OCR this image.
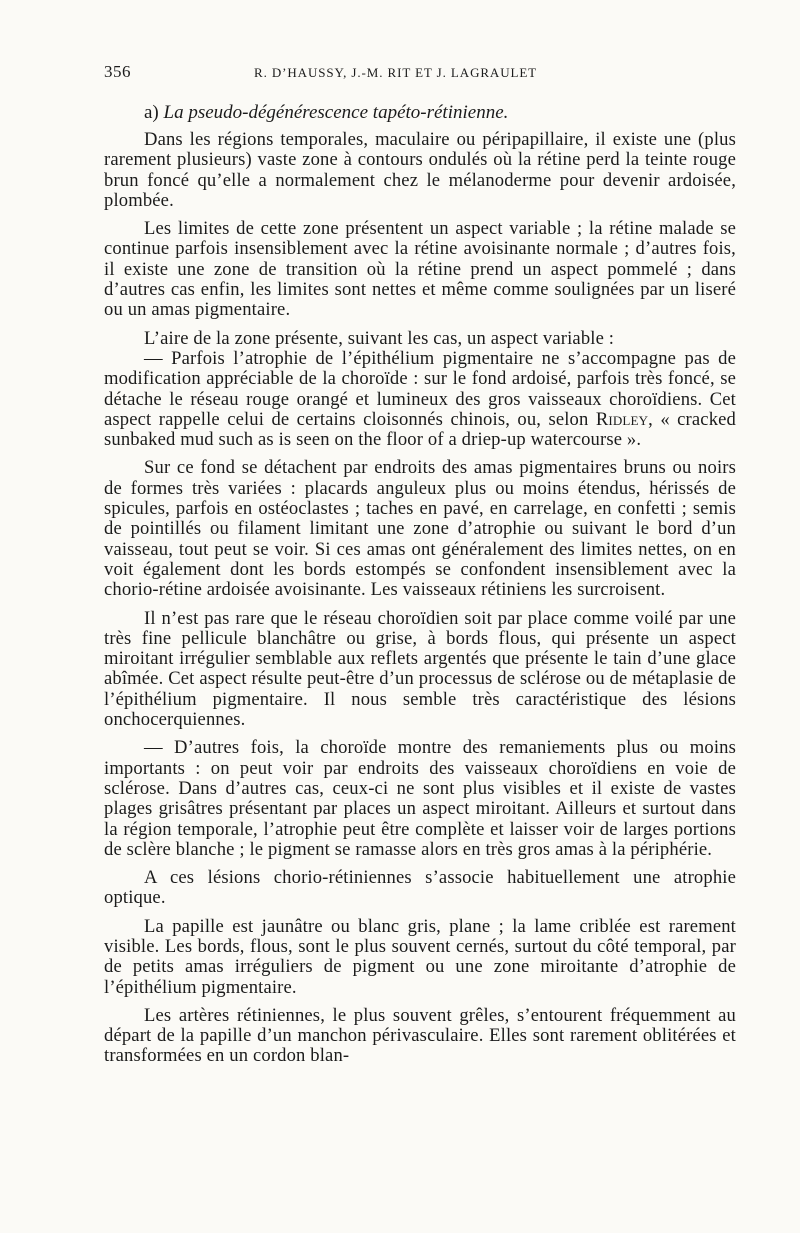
356	R. D’HAUSSY, J.-M. RIT ET J. LAGRAULET
a) La pseudo-dégénérescence tapéto-rétinienne.

Dans les régions temporales, maculaire ou péripapillaire, il existe une (plus rarement plusieurs) vaste zone à contours ondulés où la rétine perd la teinte rouge brun foncé qu’elle a normalement chez le mélanoderme pour devenir ardoisée, plombée.

Les limites de cette zone présentent un aspect variable ; la rétine malade se continue parfois insensiblement avec la rétine avoisinante normale ; d’autres fois, il existe une zone de transition où la rétine prend un aspect pommelé ; dans d’autres cas enfin, les limites sont nettes et même comme soulignées par un liseré ou un amas pigmentaire.

L’aire de la zone présente, suivant les cas, un aspect variable :

— Parfois l’atrophie de l’épithélium pigmentaire ne s’accompagne pas de modification appréciable de la choroïde : sur le fond ardoisé, parfois très foncé, se détache le réseau rouge orangé et lumineux des gros vaisseaux choroïdiens. Cet aspect rappelle celui de certains cloisonnés chinois, ou, selon Ridley, « cracked sunbaked mud such as is seen on the floor of a driep-up watercourse ».

Sur ce fond se détachent par endroits des amas pigmentaires bruns ou noirs de formes très variées : placards anguleux plus ou moins étendus, hérissés de spicules, parfois en ostéoclastes ; taches en pavé, en carrelage, en confetti ; semis de pointillés ou filament limitant une zone d’atrophie ou suivant le bord d’un vaisseau, tout peut se voir. Si ces amas ont généralement des limites nettes, on en voit également dont les bords estompés se confondent insensiblement avec la chorio-rétine ardoisée avoisinante. Les vaisseaux rétiniens les surcroisent.

Il n’est pas rare que le réseau choroïdien soit par place comme voilé par une très fine pellicule blanchâtre ou grise, à bords flous, qui présente un aspect miroitant irrégulier semblable aux reflets argentés que présente le tain d’une glace abîmée. Cet aspect résulte peut-être d’un processus de sclérose ou de métaplasie de l’épithélium pigmentaire. Il nous semble très caractéristique des lésions onchocerquiennes.

— D’autres fois, la choroïde montre des remaniements plus ou moins importants : on peut voir par endroits des vaisseaux choroïdiens en voie de sclérose. Dans d’autres cas, ceux-ci ne sont plus visibles et il existe de vastes plages grisâtres présentant par places un aspect miroitant. Ailleurs et surtout dans la région temporale, l’atrophie peut être complète et laisser voir de larges portions de sclère blanche ; le pigment se ramasse alors en très gros amas à la périphérie.

A ces lésions chorio-rétiniennes s’associe habituellement une atrophie optique.

La papille est jaunâtre ou blanc gris, plane ; la lame criblée est rarement visible. Les bords, flous, sont le plus souvent cernés, surtout du côté temporal, par de petits amas irréguliers de pigment ou une zone miroitante d’atrophie de l’épithélium pigmentaire.

Les artères rétiniennes, le plus souvent grêles, s’entourent fréquemment au départ de la papille d’un manchon périvasculaire. Elles sont rarement oblitérées et transformées en un cordon blan-
